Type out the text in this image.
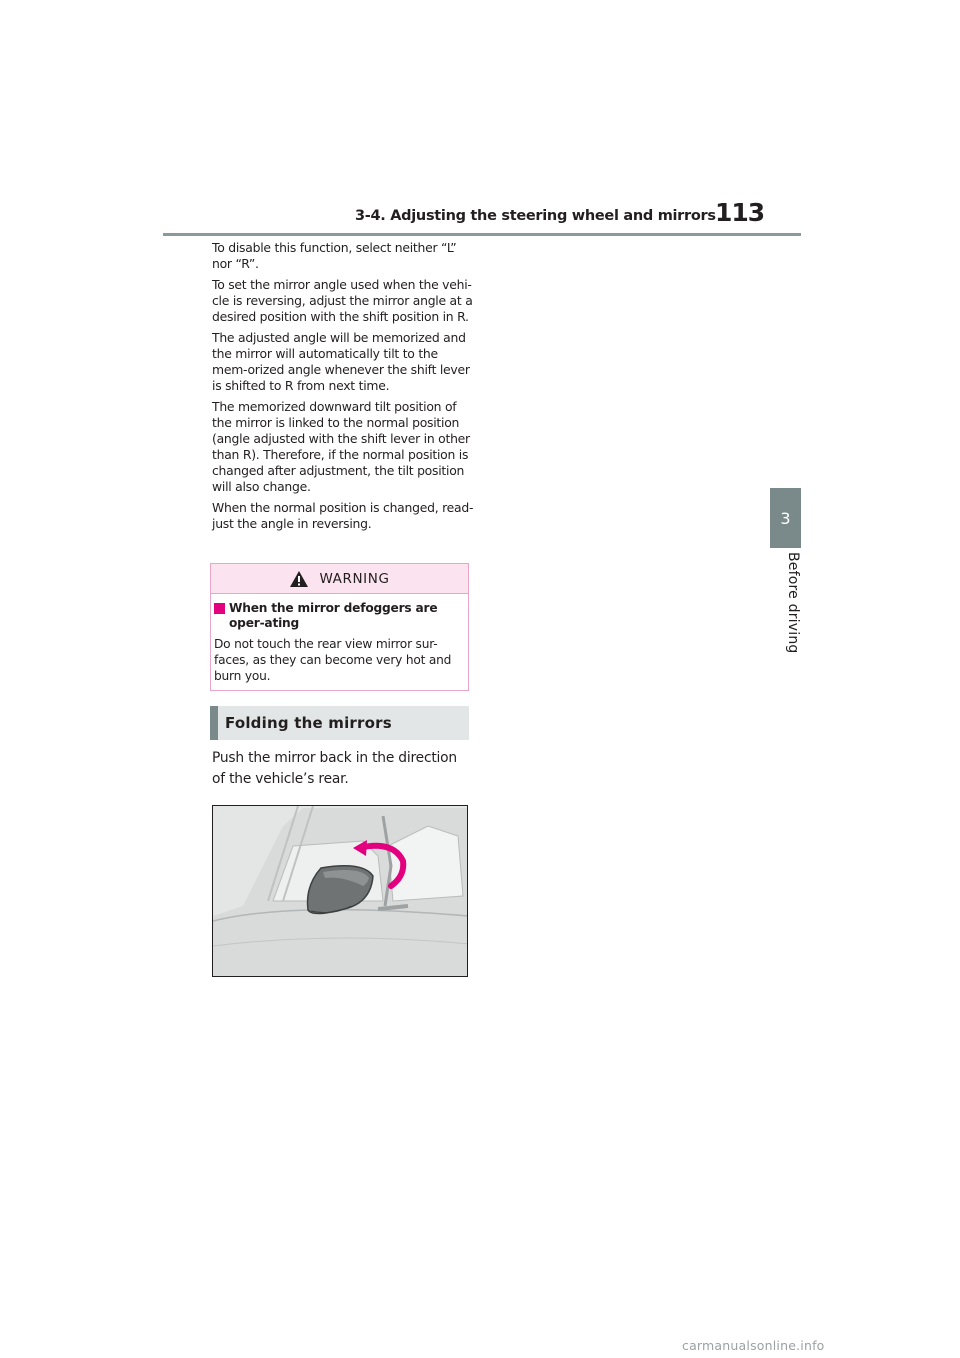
3-4. Adjusting the steering wheel and mirrors 113
3
Before driving

To disable this function, select neither “L” nor “R”.

To set the mirror angle used when the vehi-cle is reversing, adjust the mirror angle at a desired position with the shift position in R.

The adjusted angle will be memorized and the mirror will automatically tilt to the mem-orized angle whenever the shift lever is shifted to R from next time.

The memorized downward tilt position of the mirror is linked to the normal position (angle adjusted with the shift lever in other than R). Therefore, if the normal position is changed after adjustment, the tilt position will also change.

When the normal position is changed, read-just the angle in reversing.

WARNING
When the mirror defoggers are oper-ating
Do not touch the rear view mirror sur-faces, as they can become very hot and burn you.
Folding the mirrors
Push the mirror back in the direction of the vehicle’s rear.
carmanualsonline.info
